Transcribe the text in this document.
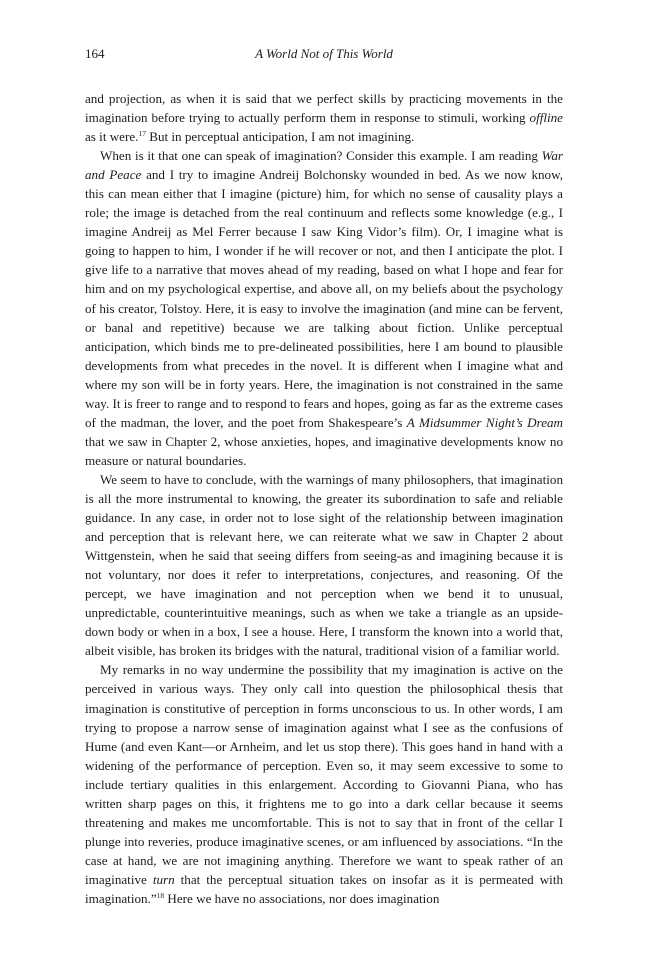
164	A World Not of This World

and projection, as when it is said that we perfect skills by practicing movements in the imagination before trying to actually perform them in response to stimuli, working offline as it were.$^{17}$ But in perceptual anticipation, I am not imagining.

When is it that one can speak of imagination? Consider this example. I am reading War and Peace and I try to imagine Andreij Bolchonsky wounded in bed. As we now know, this can mean either that I imagine (picture) him, for which no sense of causality plays a role; the image is detached from the real continuum and reflects some knowledge (e.g., I imagine Andreij as Mel Ferrer because I saw King Vidor’s film). Or, I imagine what is going to happen to him, I wonder if he will recover or not, and then I anticipate the plot. I give life to a narrative that moves ahead of my reading, based on what I hope and fear for him and on my psychological expertise, and above all, on my beliefs about the psychology of his creator, Tolstoy. Here, it is easy to involve the imagination (and mine can be fervent, or banal and repetitive) because we are talking about fiction. Unlike perceptual anticipation, which binds me to pre-delineated possibilities, here I am bound to plausible developments from what precedes in the novel. It is different when I imagine what and where my son will be in forty years. Here, the imagination is not constrained in the same way. It is freer to range and to respond to fears and hopes, going as far as the extreme cases of the madman, the lover, and the poet from Shakespeare’s A Midsummer Night’s Dream that we saw in Chapter 2, whose anxieties, hopes, and imaginative developments know no measure or natural boundaries.

We seem to have to conclude, with the warnings of many philosophers, that imagination is all the more instrumental to knowing, the greater its subordination to safe and reliable guidance. In any case, in order not to lose sight of the relationship between imagination and perception that is relevant here, we can reiterate what we saw in Chapter 2 about Wittgenstein, when he said that seeing differs from seeing-as and imagining because it is not voluntary, nor does it refer to interpretations, conjectures, and reasoning. Of the percept, we have imagination and not perception when we bend it to unusual, unpredictable, counterintuitive meanings, such as when we take a triangle as an upside-down body or when in a box, I see a house. Here, I transform the known into a world that, albeit visible, has broken its bridges with the natural, traditional vision of a familiar world.

My remarks in no way undermine the possibility that my imagination is active on the perceived in various ways. They only call into question the philosophical thesis that imagination is constitutive of perception in forms unconscious to us. In other words, I am trying to propose a narrow sense of imagination against what I see as the confusions of Hume (and even Kant—or Arnheim, and let us stop there). This goes hand in hand with a widening of the performance of perception. Even so, it may seem excessive to some to include tertiary qualities in this enlargement. According to Giovanni Piana, who has written sharp pages on this, it frightens me to go into a dark cellar because it seems threatening and makes me uncomfortable. This is not to say that in front of the cellar I plunge into reveries, produce imaginative scenes, or am influenced by associations. “In the case at hand, we are not imagining anything. Therefore we want to speak rather of an imaginative turn that the perceptual situation takes on insofar as it is permeated with imagination.”$^{18}$ Here we have no associations, nor does imagination
